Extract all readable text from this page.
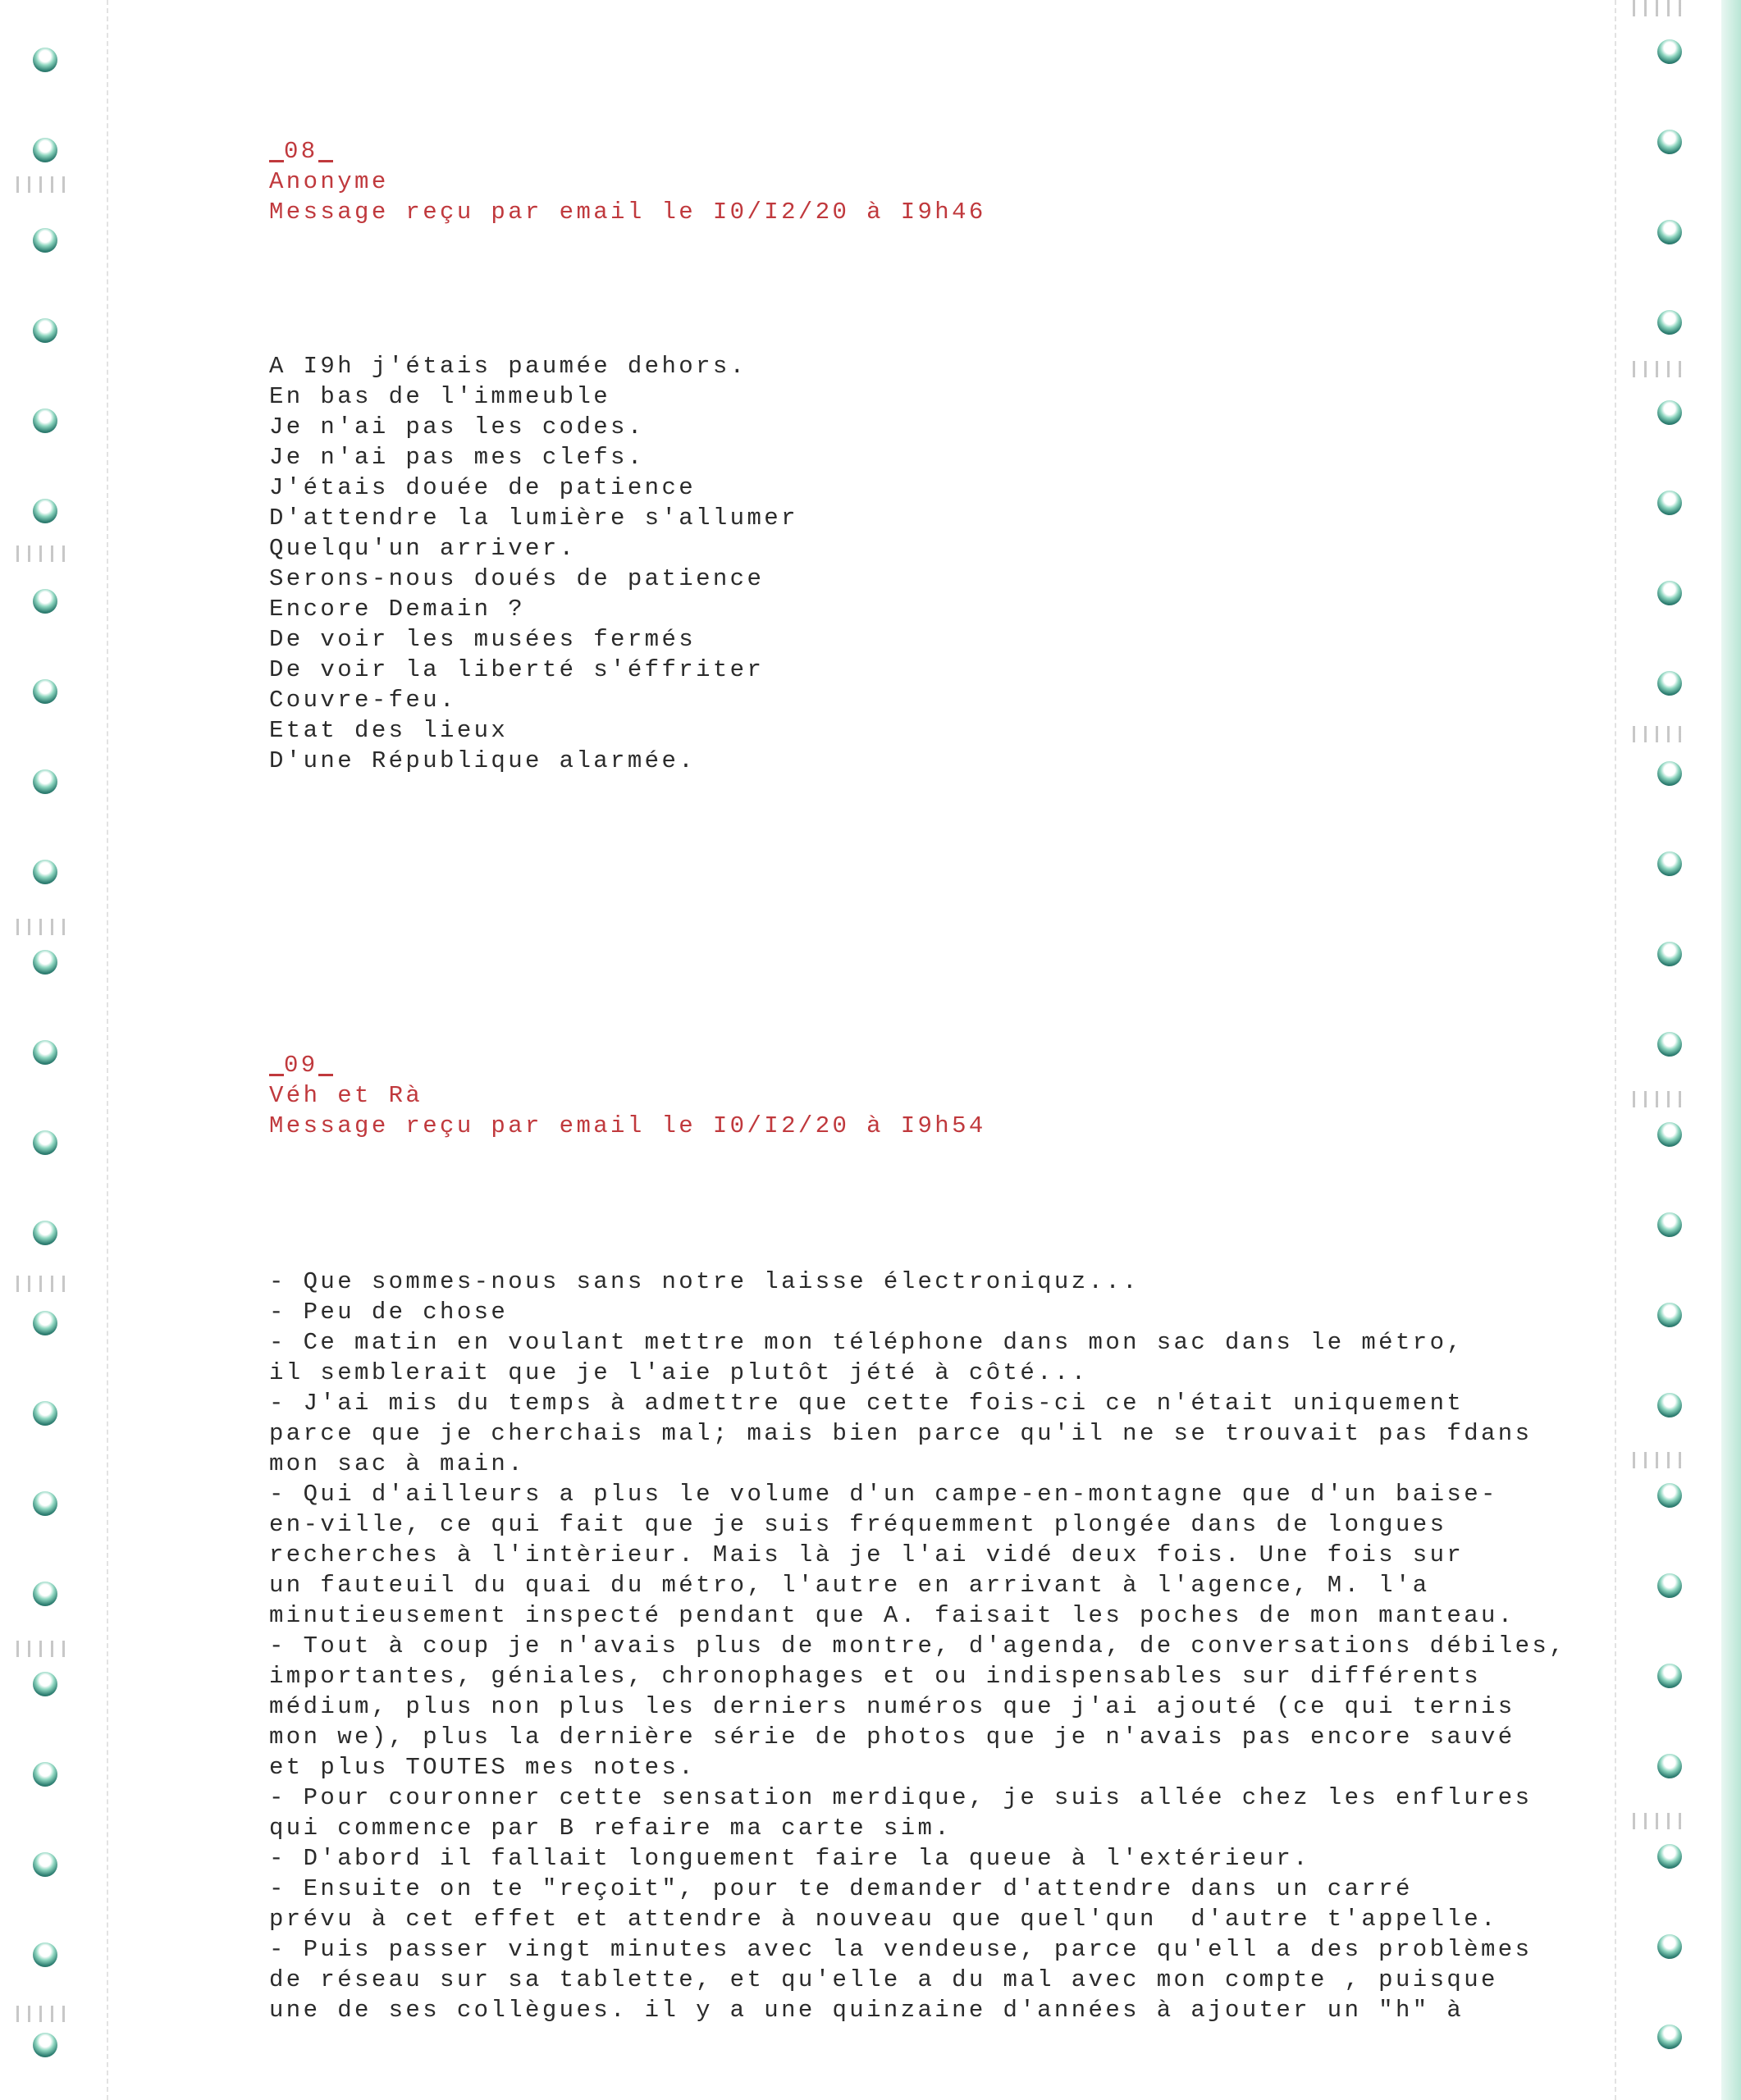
08
Anonyme
Message reçu par email le I0/I2/20 à I9h46
A I9h j'étais paumée dehors.
En bas de l'immeuble
Je n'ai pas les codes.
Je n'ai pas mes clefs.
J'étais douée de patience
D'attendre la lumière s'allumer
Quelqu'un arriver.
Serons-nous doués de patience
Encore Demain ?
De voir les musées fermés
De voir la liberté s'éffriter
Couvre-feu.
Etat des lieux
D'une République alarmée.
09
Véh et Rà
Message reçu par email le I0/I2/20 à I9h54
- Que sommes-nous sans notre laisse électroniquz...
- Peu de chose
- Ce matin en voulant mettre mon téléphone dans mon sac dans le métro,
il semblerait que je l'aie plutôt jété à côté...
- J'ai mis du temps à admettre que cette fois-ci ce n'était uniquement
parce que je cherchais mal; mais bien parce qu'il ne se trouvait pas fdans
mon sac à main.
- Qui d'ailleurs a plus le volume d'un campe-en-montagne que d'un baise-
en-ville, ce qui fait que je suis fréquemment plongée dans de longues
recherches à l'intèrieur. Mais là je l'ai vidé deux fois. Une fois sur
un fauteuil du quai du métro, l'autre en arrivant à l'agence, M. l'a
minutieusement inspecté pendant que A. faisait les poches de mon manteau.
- Tout à coup je n'avais plus de montre, d'agenda, de conversations débiles,
importantes, géniales, chronophages et ou indispensables sur différents
médium, plus non plus les derniers numéros que j'ai ajouté (ce qui ternis
mon we), plus la dernière série de photos que je n'avais pas encore sauvé
et plus TOUTES mes notes.
- Pour couronner cette sensation merdique, je suis allée chez les enflures
qui commence par B refaire ma carte sim.
- D'abord il fallait longuement faire la queue à l'extérieur.
- Ensuite on te "reçoit", pour te demander d'attendre dans un carré
prévu à cet effet et attendre à nouveau que quel'qun  d'autre t'appelle.
- Puis passer vingt minutes avec la vendeuse, parce qu'ell a des problèmes
de réseau sur sa tablette, et qu'elle a du mal avec mon compte , puisque
une de ses collègues. il y a une quinzaine d'années à ajouter un "h" à
